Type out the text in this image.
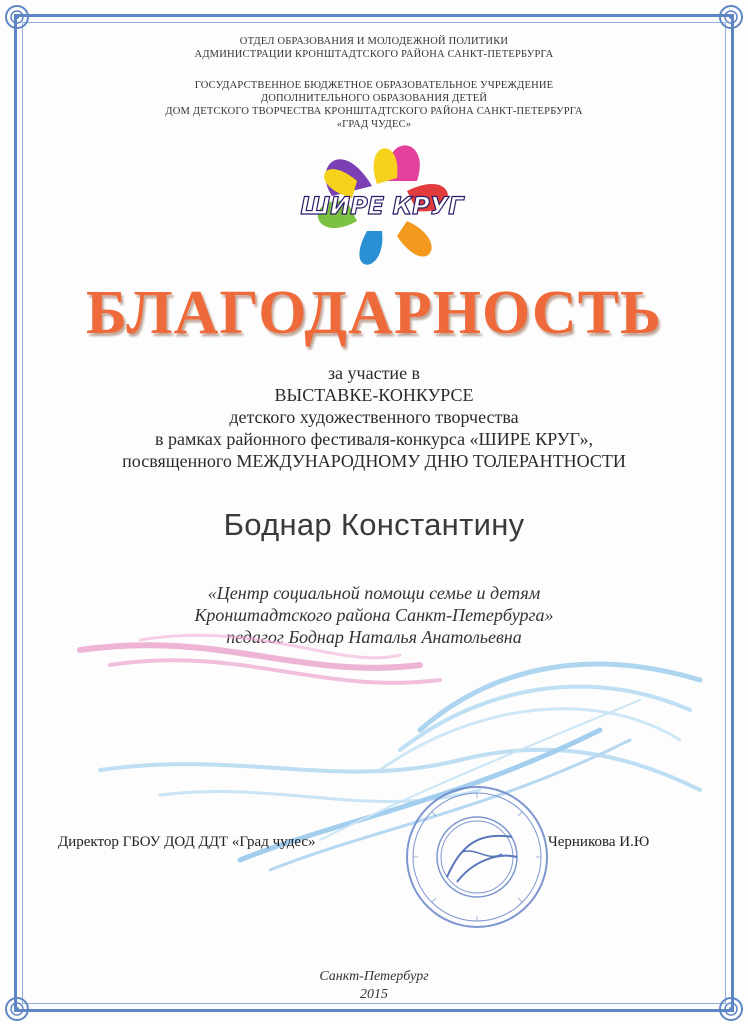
ОТДЕЛ ОБРАЗОВАНИЯ И МОЛОДЕЖНОЙ ПОЛИТИКИ
АДМИНИСТРАЦИИ КРОНШТАДТСКОГО РАЙОНА САНКТ-ПЕТЕРБУРГА
ГОСУДАРСТВЕННОЕ БЮДЖЕТНОЕ ОБРАЗОВАТЕЛЬНОЕ УЧРЕЖДЕНИЕ
ДОПОЛНИТЕЛЬНОГО ОБРАЗОВАНИЯ ДЕТЕЙ
ДОМ ДЕТСКОГО ТВОРЧЕСТВА КРОНШТАДТСКОГО РАЙОНА САНКТ-ПЕТЕРБУРГА
«ГРАД ЧУДЕС»
ШИРЕ КРУГ
БЛАГОДАРНОСТЬ
за участие в
ВЫСТАВКЕ-КОНКУРСЕ
детского художественного творчества
в рамках районного фестиваля-конкурса «ШИРЕ КРУГ»,
посвященного МЕЖДУНАРОДНОМУ ДНЮ ТОЛЕРАНТНОСТИ
Боднар Константину
«Центр социальной помощи семье и детям
Кронштадтского района Санкт-Петербурга»
педагог Боднар Наталья Анатольевна
Директор ГБОУ ДОД ДДТ «Град чудес»	Черникова И.Ю
Санкт-Петербург
2015
